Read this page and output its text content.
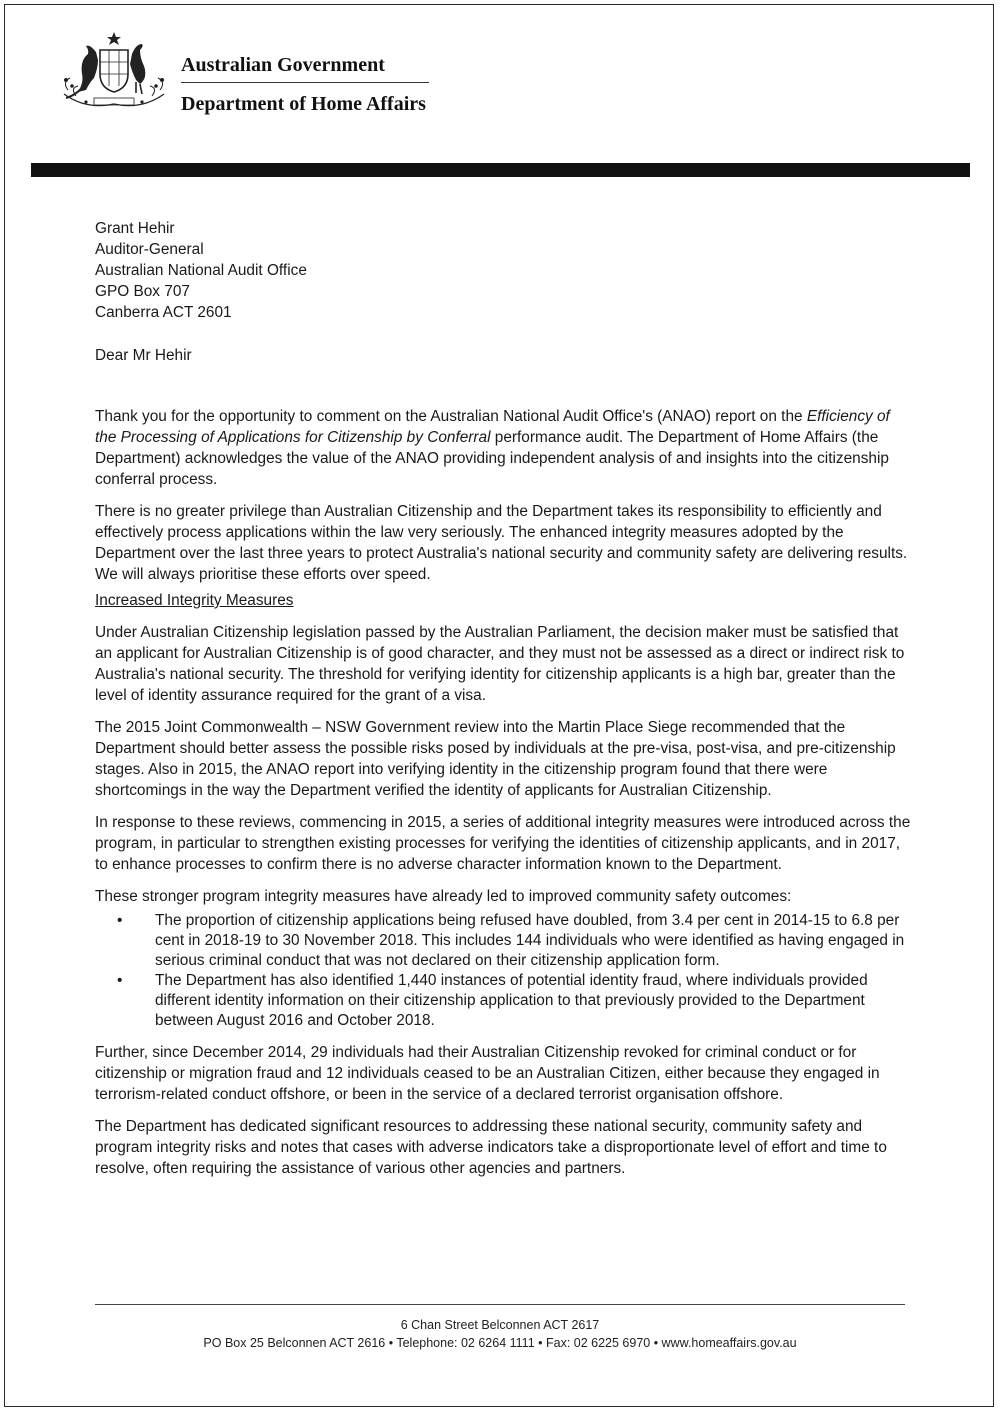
Australian Government
Department of Home Affairs
Grant Hehir
Auditor-General
Australian National Audit Office
GPO Box 707
Canberra ACT 2601
Dear Mr Hehir

Thank you for the opportunity to comment on the Australian National Audit Office's (ANAO) report on the Efficiency of the Processing of Applications for Citizenship by Conferral performance audit. The Department of Home Affairs (the Department) acknowledges the value of the ANAO providing independent analysis of and insights into the citizenship conferral process.

There is no greater privilege than Australian Citizenship and the Department takes its responsibility to efficiently and effectively process applications within the law very seriously. The enhanced integrity measures adopted by the Department over the last three years to protect Australia's national security and community safety are delivering results. We will always prioritise these efforts over speed.

Increased Integrity Measures

Under Australian Citizenship legislation passed by the Australian Parliament, the decision maker must be satisfied that an applicant for Australian Citizenship is of good character, and they must not be assessed as a direct or indirect risk to Australia's national security. The threshold for verifying identity for citizenship applicants is a high bar, greater than the level of identity assurance required for the grant of a visa.

The 2015 Joint Commonwealth – NSW Government review into the Martin Place Siege recommended that the Department should better assess the possible risks posed by individuals at the pre-visa, post-visa, and pre-citizenship stages. Also in 2015, the ANAO report into verifying identity in the citizenship program found that there were shortcomings in the way the Department verified the identity of applicants for Australian Citizenship.

In response to these reviews, commencing in 2015, a series of additional integrity measures were introduced across the program, in particular to strengthen existing processes for verifying the identities of citizenship applicants, and in 2017, to enhance processes to confirm there is no adverse character information known to the Department.

These stronger program integrity measures have already led to improved community safety outcomes:

• The proportion of citizenship applications being refused have doubled, from 3.4 per cent in 2014-15 to 6.8 per cent in 2018-19 to 30 November 2018. This includes 144 individuals who were identified as having engaged in serious criminal conduct that was not declared on their citizenship application form.
• The Department has also identified 1,440 instances of potential identity fraud, where individuals provided different identity information on their citizenship application to that previously provided to the Department between August 2016 and October 2018.

Further, since December 2014, 29 individuals had their Australian Citizenship revoked for criminal conduct or for citizenship or migration fraud and 12 individuals ceased to be an Australian Citizen, either because they engaged in terrorism-related conduct offshore, or been in the service of a declared terrorist organisation offshore.

The Department has dedicated significant resources to addressing these national security, community safety and program integrity risks and notes that cases with adverse indicators take a disproportionate level of effort and time to resolve, often requiring the assistance of various other agencies and partners.

6 Chan Street Belconnen ACT 2617
PO Box 25 Belconnen ACT 2616 • Telephone: 02 6264 1111 • Fax: 02 6225 6970 • www.homeaffairs.gov.au
